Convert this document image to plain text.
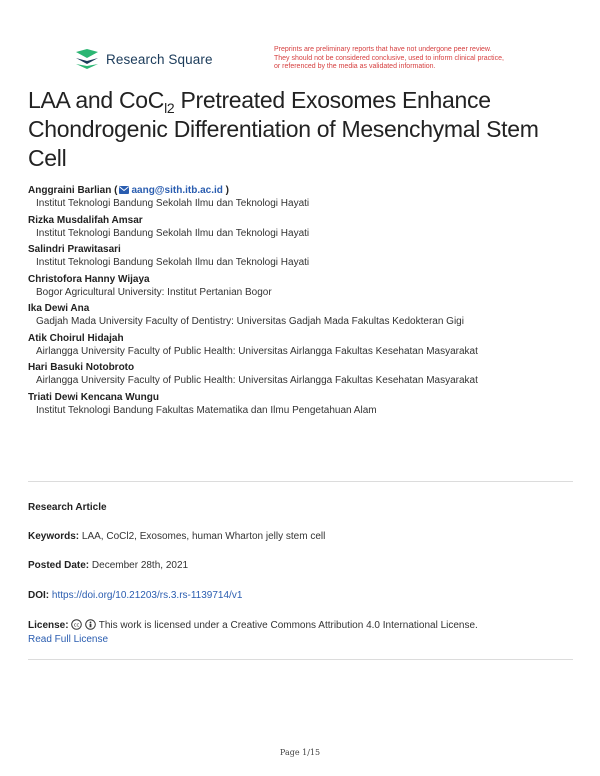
Research Square
Preprints are preliminary reports that have not undergone peer review.
They should not be considered conclusive, used to inform clinical practice,
or referenced by the media as validated information.
LAA and CoC$_{l2}$ Pretreated Exosomes Enhance Chondrogenic Differentiation of Mesenchymal Stem Cell
Anggraini Barlian ( aang@sith.itb.ac.id )
Institut Teknologi Bandung Sekolah Ilmu dan Teknologi Hayati
Rizka Musdalifah Amsar
Institut Teknologi Bandung Sekolah Ilmu dan Teknologi Hayati
Salindri Prawitasari
Institut Teknologi Bandung Sekolah Ilmu dan Teknologi Hayati
Christofora Hanny Wijaya
Bogor Agricultural University: Institut Pertanian Bogor
Ika Dewi Ana
Gadjah Mada University Faculty of Dentistry: Universitas Gadjah Mada Fakultas Kedokteran Gigi
Atik Choirul Hidajah
Airlangga University Faculty of Public Health: Universitas Airlangga Fakultas Kesehatan Masyarakat
Hari Basuki Notobroto
Airlangga University Faculty of Public Health: Universitas Airlangga Fakultas Kesehatan Masyarakat
Triati Dewi Kencana Wungu
Institut Teknologi Bandung Fakultas Matematika dan Ilmu Pengetahuan Alam
Research Article
Keywords: LAA, CoCl2, Exosomes, human Wharton jelly stem cell
Posted Date: December 28th, 2021
DOI: https://doi.org/10.21203/rs.3.rs-1139714/v1
License: cc This work is licensed under a Creative Commons Attribution 4.0 International License.
Read Full License
Page 1/15
